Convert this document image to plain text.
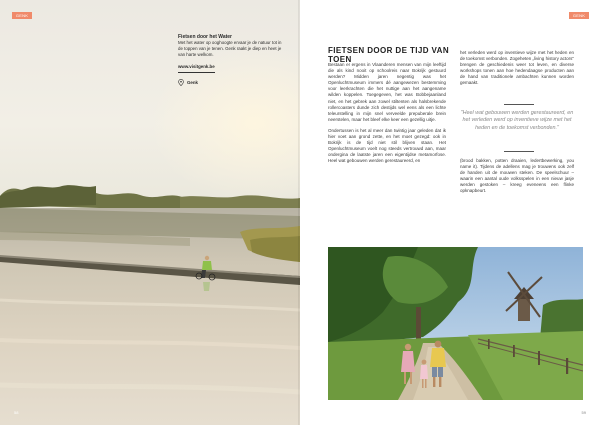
GENK
Fietsen door het Water
Met het water op ooghoogte ervaar je de natuur tot in de toppen van je tenen. Genk raakt je diep en heet je van harte welkom.
www.visitgenk.be
Genk
58
GENK
FIETSEN DOOR DE TIJD VAN TOEN

Bestaan er ergens in Vlaanderen mensen van mijn leeftijd die als kind nooit op schoolreis naar Bokrijk gestuurd werden? Midden jaren negentig was het Openluchtmuseum immers dé aangewezen bestemming voor leerkrachten die het nuttige aan het aangename wilden koppelen. Toegegeven, het was Bobbejaanland niet, en het gebrek aan zowel stiltenten als halsbrekende rollercoasters dunde zich destijds wel eens als een lichte teleurstelling in mijn snel verveelde prepuberale brein neerstelen, maar het bleef elke keer een gezellig uitje.

Ondertussen is het al meer dan twintig jaar geleden dat ik hier voet aan grond zette, en het moet gezegd: ook in Bokrijk is de tijd niet stil blijven staan. Het Openluchtmuseum voelt nog steeds vertrouwd aan, maar ondergina de laatste jaren een eigentijdse metamorfose. Heel wat gebouwen werden gerestaureerd, en

het verleden werd op inventieve wijze met het heden en de toekomst verbonden. Zogeheten „living history actors" brengen de geschiedenis weer tot leven, en diverse workshops tonen aan hoe hedendaagse producten aan de hand van traditionele ambachten kunnen worden gemaakt.

"Heel wat gebouwen werden gerestaureerd, en het verleden werd op inventieve wijze met het heden en de toekomst verbonden."

(brood bakken, potten draaien, ledertbewerking, you name it). Tijdens de adellens mag je trouwens ook zelf de handen uit de mouwen steken. De speelschuur – waarin een aantal oude volksspelen in een nieuw jasje werden gestoken – kreeg eveneens een flinke opknapbeurt.

59
